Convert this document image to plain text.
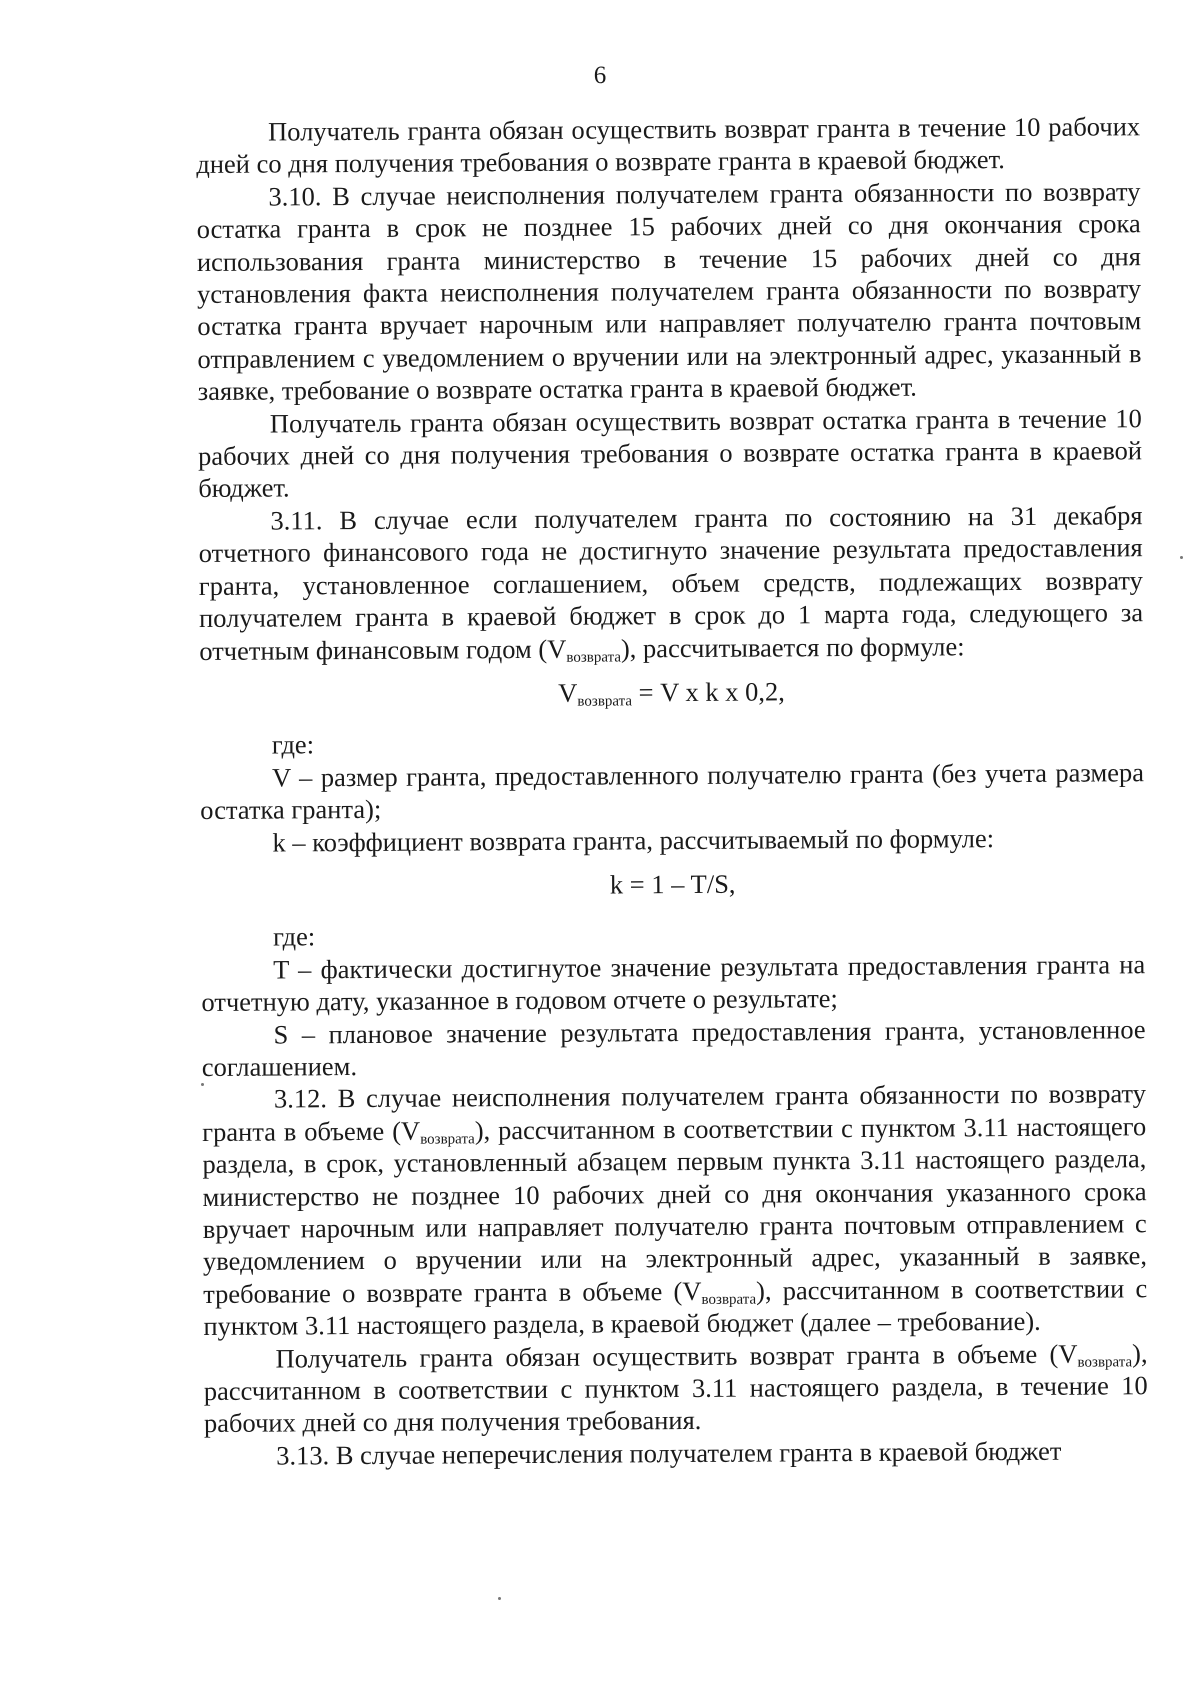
6

Получатель гранта обязан осуществить возврат гранта в течение 10 рабочих дней со дня получения требования о возврате гранта в краевой бюджет.

3.10. В случае неисполнения получателем гранта обязанности по возврату остатка гранта в срок не позднее 15 рабочих дней со дня окончания срока использования гранта министерство в течение 15 рабочих дней со дня установления факта неисполнения получателем гранта обязанности по возврату остатка гранта вручает нарочным или направляет получателю гранта почтовым отправлением с уведомлением о вручении или на электронный адрес, указанный в заявке, требование о возврате остатка гранта в краевой бюджет.

Получатель гранта обязан осуществить возврат остатка гранта в течение 10 рабочих дней со дня получения требования о возврате остатка гранта в краевой бюджет.

3.11. В случае если получателем гранта по состоянию на 31 декабря отчетного финансового года не достигнуто значение результата предоставления гранта, установленное соглашением, объем средств, подлежащих возврату получателем гранта в краевой бюджет в срок до 1 марта года, следующего за отчетным финансовым годом $(V_{возврата})$, рассчитывается по формуле:

$V_{возврата} = V$ x k x 0,2,

где:

V – размер гранта, предоставленного получателю гранта (без учета размера остатка гранта);

k – коэффициент возврата гранта, рассчитываемый по формуле:

k = 1 – T/S,

где:

T – фактически достигнутое значение результата предоставления гранта на отчетную дату, указанное в годовом отчете о результате;

S – плановое значение результата предоставления гранта, установленное соглашением.

3.12. В случае неисполнения получателем гранта обязанности по возврату гранта в объеме $(V_{возврата})$, рассчитанном в соответствии с пунктом 3.11 настоящего раздела, в срок, установленный абзацем первым пункта 3.11 настоящего раздела, министерство не позднее 10 рабочих дней со дня окончания указанного срока вручает нарочным или направляет получателю гранта почтовым отправлением с уведомлением о вручении или на электронный адрес, указанный в заявке, требование о возврате гранта в объеме $(V_{возврата})$, рассчитанном в соответствии с пунктом 3.11 настоящего раздела, в краевой бюджет (далее – требование).

Получатель гранта обязан осуществить возврат гранта в объеме $(V_{возврата})$, рассчитанном в соответствии с пунктом 3.11 настоящего раздела, в течение 10 рабочих дней со дня получения требования.

3.13. В случае неперечисления получателем гранта в краевой бюджет
